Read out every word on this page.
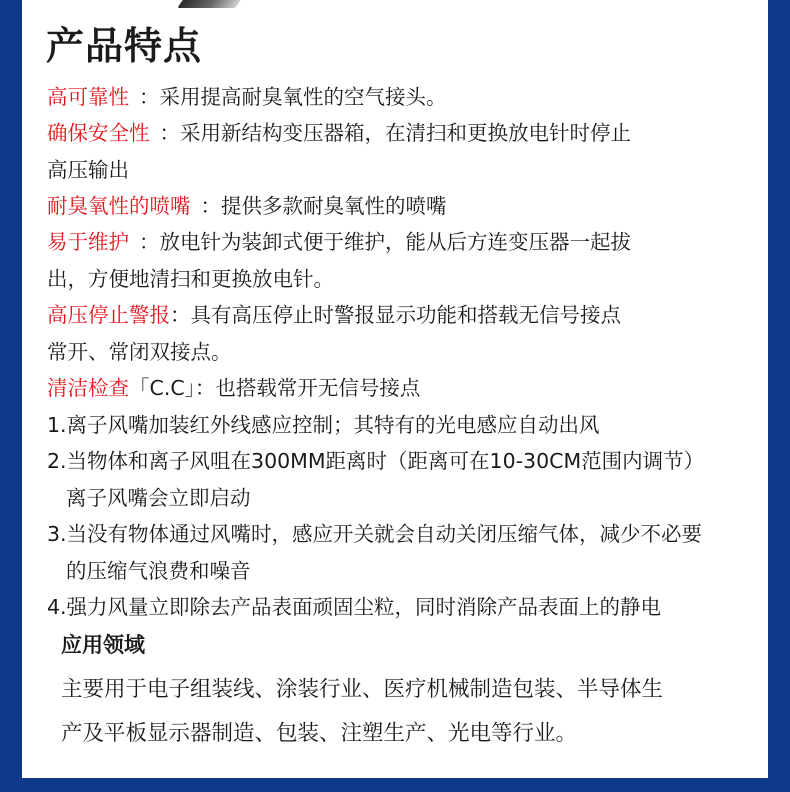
产品特点
高可靠性 ：采用提高耐臭氧性的空气接头。
确保安全性 ：采用新结构变压器箱，在清扫和更换放电针时停止
高压输出
耐臭氧性的喷嘴 ：提供多款耐臭氧性的喷嘴
易于维护 ：放电针为装卸式便于维护，能从后方连变压器一起拔
出，方便地清扫和更换放电针。
高压停止警报：具有高压停止时警报显示功能和搭载无信号接点
常开、常闭双接点。
清洁检查「C.C」：也搭载常开无信号接点
1.离子风嘴加装红外线感应控制；其特有的光电感应自动出风
2.当物体和离子风咀在300MM距离时（距离可在10-30CM范围内调节）
离子风嘴会立即启动
3.当没有物体通过风嘴时，感应开关就会自动关闭压缩气体，减少不必要
的压缩气浪费和噪音
4.强力风量立即除去产品表面顽固尘粒，同时消除产品表面上的静电
应用领域
主要用于电子组装线、涂装行业、医疗机械制造包装、半导体生
产及平板显示器制造、包装、注塑生产、光电等行业。
